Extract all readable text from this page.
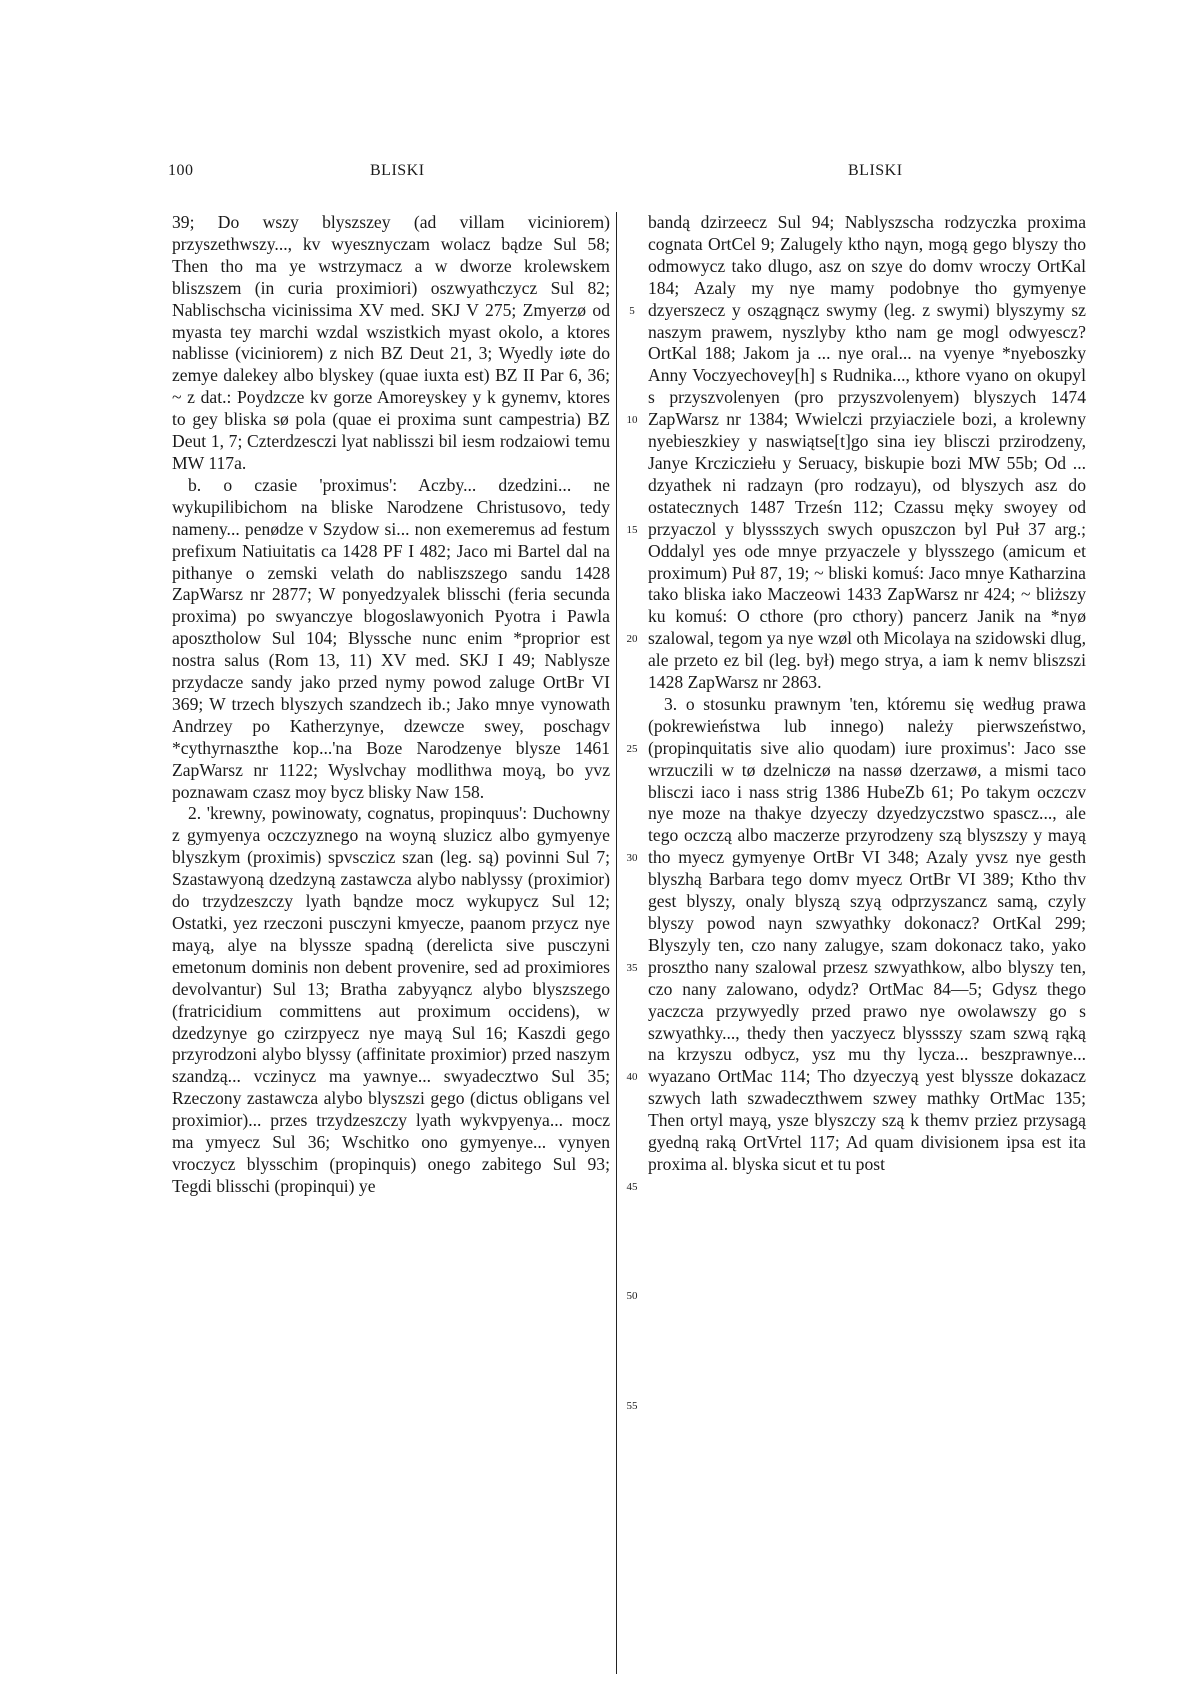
100	BLISKI	BLISKI

39; Do wszy blyszszey (ad villam viciniorem) przyszethwszy..., kv wyesznyczam wolacz bądze Sul 58; Then tho ma ye wstrzymacz a w dworze krolewskem bliszszem (in curia proximiori) oszwyathczycz Sul 82; Nablischscha vicinissima XV med. SKJ V 275; Zmyerzø od myasta tey marchi wzdal wszistkich myast okolo, a ktores nablisse (viciniorem) z nich BZ Deut 21, 3; Wyedly iøte do zemye dalekey albo blyskey (quae iuxta est) BZ II Par 6, 36; ~ z dat.: Poydzcze kv gorze Amoreyskey y k gynemv, ktores to gey bliska sø pola (quae ei proxima sunt campestria) BZ Deut 1, 7; Czterdzesczi lyat nablisszi bil iesm rodzaiowi temu MW 117a.

b. o czasie 'proximus': Aczby... dzedzini... ne wykupilibichom na bliske Narodzene Christusovo, tedy nameny... penødze v Szydow si... non exemeremus ad festum prefixum Natiuitatis ca 1428 PF I 482; Jaco mi Bartel dal na pithanye o zemski velath do nabliszszego sandu 1428 ZapWarsz nr 2877; W ponyedzyalek blisschi (feria secunda proxima) po swyanczye blogoslawyonich Pyotra i Pawla aposztholow Sul 104; Blyssche nunc enim *proprior est nostra salus (Rom 13, 11) XV med. SKJ I 49; Nablysze przydacze sandy jako przed nymy powod zaluge OrtBr VI 369; W trzech blyszych szandzech ib.; Jako mnye vynowath Andrzey po Katherzynye, dzewcze swey, poschagv *cythyrnaszthe kop...'na Boze Narodzenye blysze 1461 ZapWarsz nr 1122; Wyslvchay modlithwa moyą, bo yvz poznawam czasz moy bycz blisky Naw 158.

2. 'krewny, powinowaty, cognatus, propinquus': Duchowny z gymyenya oczczyznego na woyną sluzicz albo gymyenye blyszkym (proximis) spvsczicz szan (leg. są) povinni Sul 7; Szastawyoną dzedzyną zastawcza alybo nablyssy (proximior) do trzydzeszczy lyath bąndze mocz wykupycz Sul 12; Ostatki, yez rzeczoni pusczyni kmyecze, paanom przycz nye mayą, alye na blyssze spadną (derelicta sive pusczyni emetonum dominis non debent provenire, sed ad proximiores devolvantur) Sul 13; Bratha zabyyąncz alybo blyszszego (fratricidium committens aut proximum occidens), w dzedzynye go czirzpyecz nye mayą Sul 16; Kaszdi gego przyrodzoni alybo blyssy (affinitate proximior) przed naszym szandzą... vczinycz ma yawnye... swyadecztwo Sul 35; Rzeczony zastawcza alybo blyszszi gego (dictus obligans vel proximior)... przes trzydzeszczy lyath wykvpyenya... mocz ma ymyecz Sul 36; Wschitko ono gymyenye... vynyen vroczycz blysschim (propinquis) onego zabitego Sul 93; Tegdi blisschi (propinqui) ye

5
10
15
20
25
30
35
40
45
50
55

bandą dzirzeecz Sul 94; Nablyszscha rodzyczka proxima cognata OrtCel 9; Zalugely ktho nąyn, mogą gego blyszy tho odmowycz tako dlugo, asz on szye do domv wroczy OrtKal 184; Azaly my nye mamy podobnye tho gymyenye dzyerszecz y oszągnącz swymy (leg. z swymi) blyszymy sz naszym prawem, nyszlyby ktho nam ge mogl odwyescz? OrtKal 188; Jakom ja ... nye oral... na vyenye *nyeboszky Anny Voczyechovey[h] s Rudnika..., kthore vyano on okupyl s przyszvolenyen (pro przyszvolenyem) blyszych 1474 ZapWarsz nr 1384; Wwielczi przyiacziele bozi, a krolewny nyebieszkiey y naswiątse[t]go sina iey blisczi przirodzeny, Janye Krczicziełu y Seruacy, biskupie bozi MW 55b; Od ... dzyathek ni radzayn (pro rodzayu), od blyszych asz do ostatecznych 1487 Trześn 112; Czassu męky swoyey od przyaczol y blyssszych swych opuszczon byl Puł 37 arg.; Oddalyl yes ode mnye przyaczele y blysszego (amicum et proximum) Puł 87, 19; ~ bliski komuś: Jaco mnye Katharzina tako bliska iako Maczeowi 1433 ZapWarsz nr 424; ~ bliższy ku komuś: O cthore (pro cthory) pancerz Janik na *nyø szalowal, tegom ya nye wzøl oth Micolaya na szidowski dlug, ale przeto ez bil (leg. był) mego strya, a iam k nemv bliszszi 1428 ZapWarsz nr 2863.

3. o stosunku prawnym 'ten, któremu się według prawa (pokrewieństwa lub innego) należy pierwszeństwo, (propinquitatis sive alio quodam) iure proximus': Jaco sse wrzuczili w tø dzelniczø na nassø dzerzawø, a mismi taco blisczi iaco i nass strig 1386 HubeZb 61; Po takym oczczv nye moze na thakye dzyeczy dzyedzyczstwo spascz..., ale tego oczczą albo maczerze przyrodzeny szą blyszszy y mayą tho myecz gymyenye OrtBr VI 348; Azaly yvsz nye gesth blyszhą Barbara tego domv myecz OrtBr VI 389; Ktho thv gest blyszy, onaly blyszą szyą odprzyszancz samą, czyly blyszy powod nayn szwyathky dokonacz? OrtKal 299; Blyszyly ten, czo nany zalugye, szam dokonacz tako, yako prosztho nany szalowal przesz szwyathkow, albo blyszy ten, czo nany zalowano, odydz? OrtMac 84—5; Gdysz thego yaczcza przywyedly przed prawo nye owolawszy go s szwyathky..., thedy then yaczyecz blyssszy szam szwą rąką na krzyszu odbycz, ysz mu thy lycza... beszprawnye... wyazano OrtMac 114; Tho dzyeczyą yest blyssze dokazacz szwych lath szwadeczthwem szwey mathky OrtMac 135; Then ortyl mayą, ysze blyszczy szą k themv prziez przysagą gyedną raką OrtVrtel 117; Ad quam divisionem ipsa est ita proxima al. blyska sicut et tu post
